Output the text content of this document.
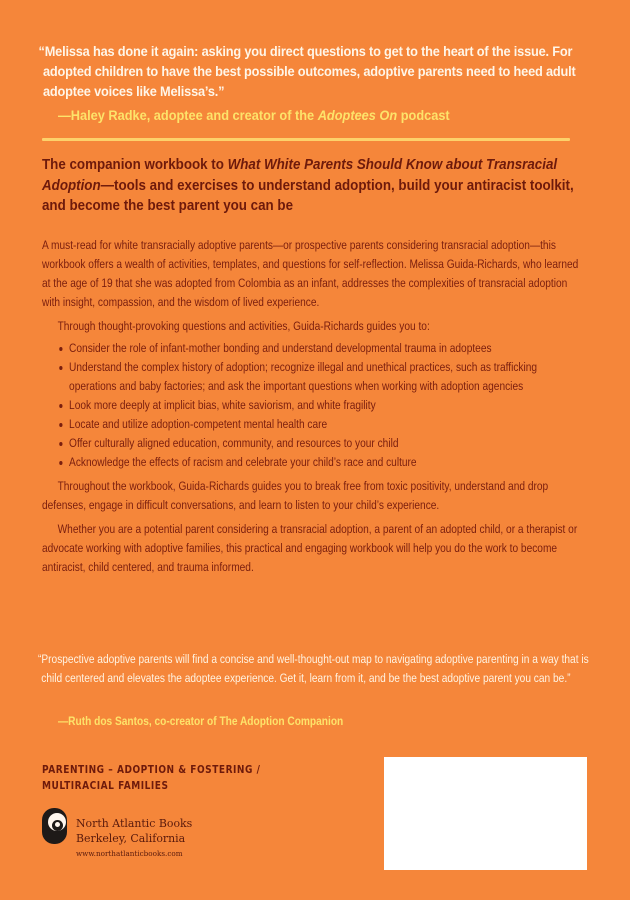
“Melissa has done it again: asking you direct questions to get to the heart of the issue. For adopted children to have the best possible outcomes, adoptive parents need to heed adult adoptee voices like Melissa’s.”
—Haley Radke, adoptee and creator of the Adoptees On podcast
The companion workbook to What White Parents Should Know about Transracial Adoption—tools and exercises to understand adoption, build your antiracist toolkit, and become the best parent you can be

A must-read for white transracially adoptive parents—or prospective parents considering transracial adoption—this workbook offers a wealth of activities, templates, and questions for self-reflection. Melissa Guida-Richards, who learned at the age of 19 that she was adopted from Colombia as an infant, addresses the complexities of transracial adoption with insight, compassion, and the wisdom of lived experience.

Through thought-provoking questions and activities, Guida-Richards guides you to:

Consider the role of infant-mother bonding and understand developmental trauma in adoptees
Understand the complex history of adoption; recognize illegal and unethical practices, such as trafficking operations and baby factories; and ask the important questions when working with adoption agencies
Look more deeply at implicit bias, white saviorism, and white fragility
Locate and utilize adoption-competent mental health care
Offer culturally aligned education, community, and resources to your child
Acknowledge the effects of racism and celebrate your child’s race and culture

Throughout the workbook, Guida-Richards guides you to break free from toxic positivity, understand and drop defenses, engage in difficult conversations, and learn to listen to your child’s experience.

Whether you are a potential parent considering a transracial adoption, a parent of an adopted child, or a therapist or advocate working with adoptive families, this practical and engaging workbook will help you do the work to become antiracist, child centered, and trauma informed.

“Prospective adoptive parents will find a concise and well-thought-out map to navigating adoptive parenting in a way that is child centered and elevates the adoptee experience. Get it, learn from it, and be the best adoptive parent you can be.”

—Ruth dos Santos, co-creator of The Adoption Companion
PARENTING – ADOPTION & FOSTERING /
MULTIRACIAL FAMILIES
North Atlantic Books
Berkeley, California
www.northatlanticbooks.com
